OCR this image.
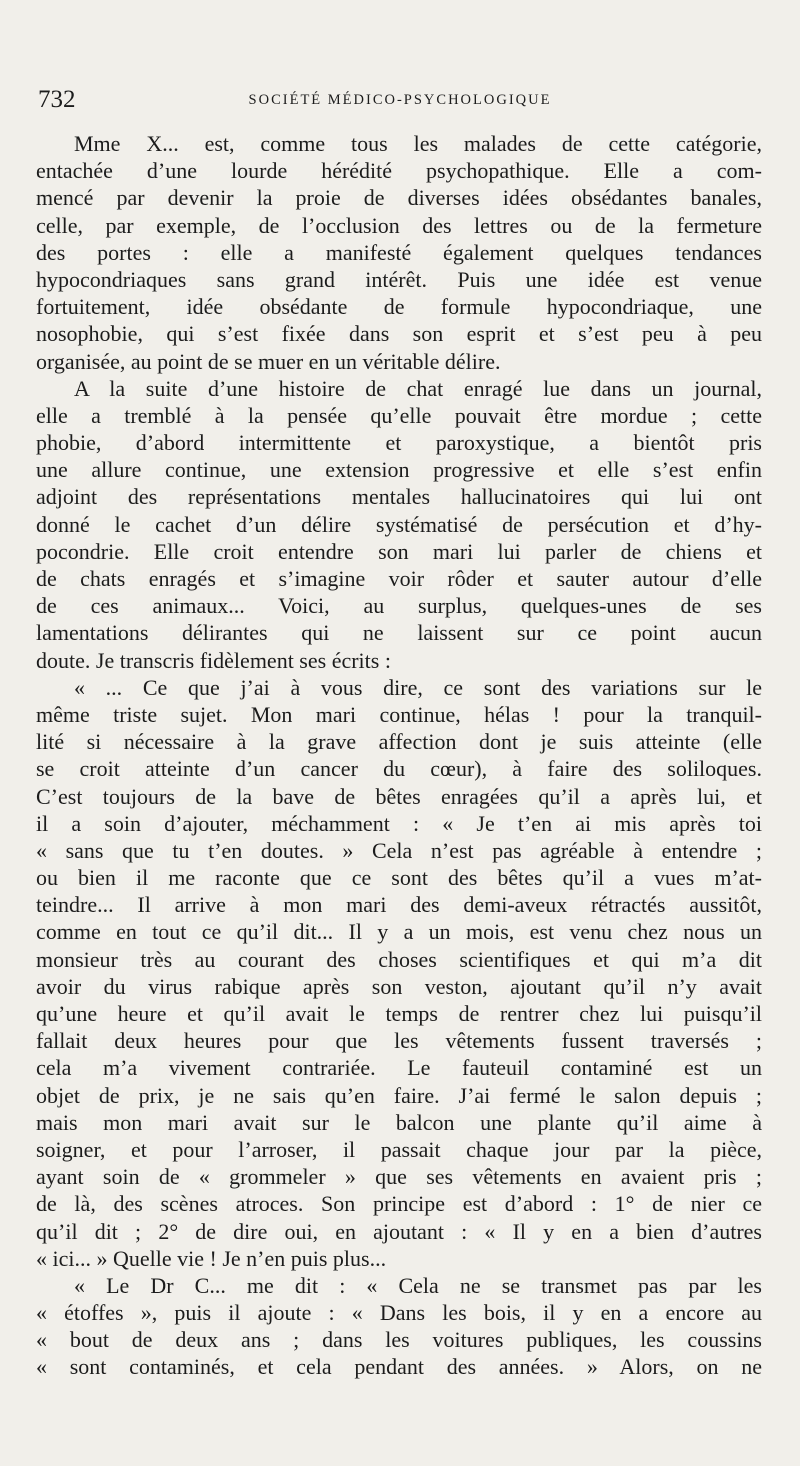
732	SOCIÉTÉ MÉDICO-PSYCHOLOGIQUE
Mme X... est, comme tous les malades de cette catégorie,
entachée d’une lourde hérédité psychopathique. Elle a com-
mencé par devenir la proie de diverses idées obsédantes banales,
celle, par exemple, de l’occlusion des lettres ou de la fermeture
des portes : elle a manifesté également quelques tendances
hypocondriaques sans grand intérêt. Puis une idée est venue
fortuitement, idée obsédante de formule hypocondriaque, une
nosophobie, qui s’est fixée dans son esprit et s’est peu à peu
organisée, au point de se muer en un véritable délire.
A la suite d’une histoire de chat enragé lue dans un journal,
elle a tremblé à la pensée qu’elle pouvait être mordue ; cette
phobie, d’abord intermittente et paroxystique, a bientôt pris
une allure continue, une extension progressive et elle s’est enfin
adjoint des représentations mentales hallucinatoires qui lui ont
donné le cachet d’un délire systématisé de persécution et d’hy-
pocondrie. Elle croit entendre son mari lui parler de chiens et
de chats enragés et s’imagine voir rôder et sauter autour d’elle
de ces animaux... Voici, au surplus, quelques-unes de ses
lamentations délirantes qui ne laissent sur ce point aucun
doute. Je transcris fidèlement ses écrits :
« ... Ce que j’ai à vous dire, ce sont des variations sur le
même triste sujet. Mon mari continue, hélas ! pour la tranquil-
lité si nécessaire à la grave affection dont je suis atteinte (elle
se croit atteinte d’un cancer du cœur), à faire des soliloques.
C’est toujours de la bave de bêtes enragées qu’il a après lui, et
il a soin d’ajouter, méchamment : « Je t’en ai mis après toi
« sans que tu t’en doutes. » Cela n’est pas agréable à entendre ;
ou bien il me raconte que ce sont des bêtes qu’il a vues m’at-
teindre... Il arrive à mon mari des demi-aveux rétractés aussitôt,
comme en tout ce qu’il dit... Il y a un mois, est venu chez nous un
monsieur très au courant des choses scientifiques et qui m’a dit
avoir du virus rabique après son veston, ajoutant qu’il n’y avait
qu’une heure et qu’il avait le temps de rentrer chez lui puisqu’il
fallait deux heures pour que les vêtements fussent traversés ;
cela m’a vivement contrariée. Le fauteuil contaminé est un
objet de prix, je ne sais qu’en faire. J’ai fermé le salon depuis ;
mais mon mari avait sur le balcon une plante qu’il aime à
soigner, et pour l’arroser, il passait chaque jour par la pièce,
ayant soin de « grommeler » que ses vêtements en avaient pris ;
de là, des scènes atroces. Son principe est d’abord : 1° de nier ce
qu’il dit ; 2° de dire oui, en ajoutant : « Il y en a bien d’autres
« ici... » Quelle vie ! Je n’en puis plus...
« Le Dr C... me dit : « Cela ne se transmet pas par les
« étoffes », puis il ajoute : « Dans les bois, il y en a encore au
« bout de deux ans ; dans les voitures publiques, les coussins
« sont contaminés, et cela pendant des années. » Alors, on ne
